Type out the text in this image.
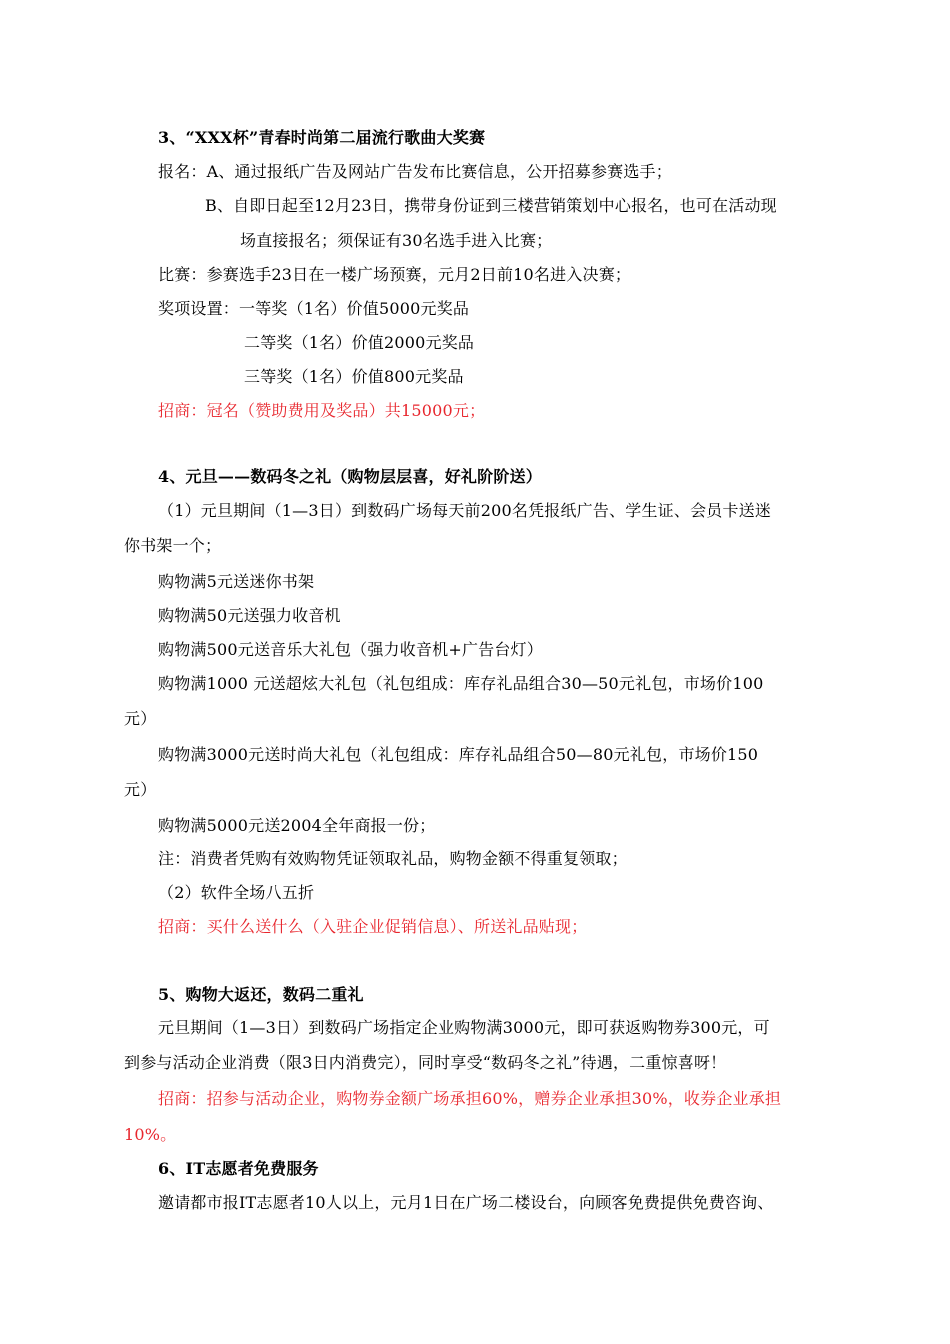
3、“XXX杯”青春时尚第二届流行歌曲大奖赛
报名：A、通过报纸广告及网站广告发布比赛信息，公开招募参赛选手；
B、自即日起至12月23日，携带身份证到三楼营销策划中心报名，也可在活动现
场直接报名；须保证有30名选手进入比赛；
比赛：参赛选手23日在一楼广场预赛，元月2日前10名进入决赛；
奖项设置：一等奖（1名）价值5000元奖品
二等奖（1名）价值2000元奖品
三等奖（1名）价值800元奖品
招商：冠名（赞助费用及奖品）共15000元；
4、元旦——数码冬之礼（购物层层喜，好礼阶阶送）
（1）元旦期间（1—3日）到数码广场每天前200名凭报纸广告、学生证、会员卡送迷
你书架一个；
购物满5元送迷你书架
购物满50元送强力收音机
购物满500元送音乐大礼包（强力收音机+广告台灯）
购物满1000 元送超炫大礼包（礼包组成：库存礼品组合30—50元礼包，市场价100
元）
购物满3000元送时尚大礼包（礼包组成：库存礼品组合50—80元礼包，市场价150
元）
购物满5000元送2004全年商报一份；
注：消费者凭购有效购物凭证领取礼品，购物金额不得重复领取；
（2）软件全场八五折
招商：买什么送什么（入驻企业促销信息）、所送礼品贴现；
5、购物大返还，数码二重礼
元旦期间（1—3日）到数码广场指定企业购物满3000元，即可获返购物券300元，可
到参与活动企业消费（限3日内消费完），同时享受“数码冬之礼”待遇，二重惊喜呀！
招商：招参与活动企业，购物券金额广场承担60%，赠券企业承担30%，收券企业承担
10%。
6、IT志愿者免费服务
邀请都市报IT志愿者10人以上，元月1日在广场二楼设台，向顾客免费提供免费咨询、
